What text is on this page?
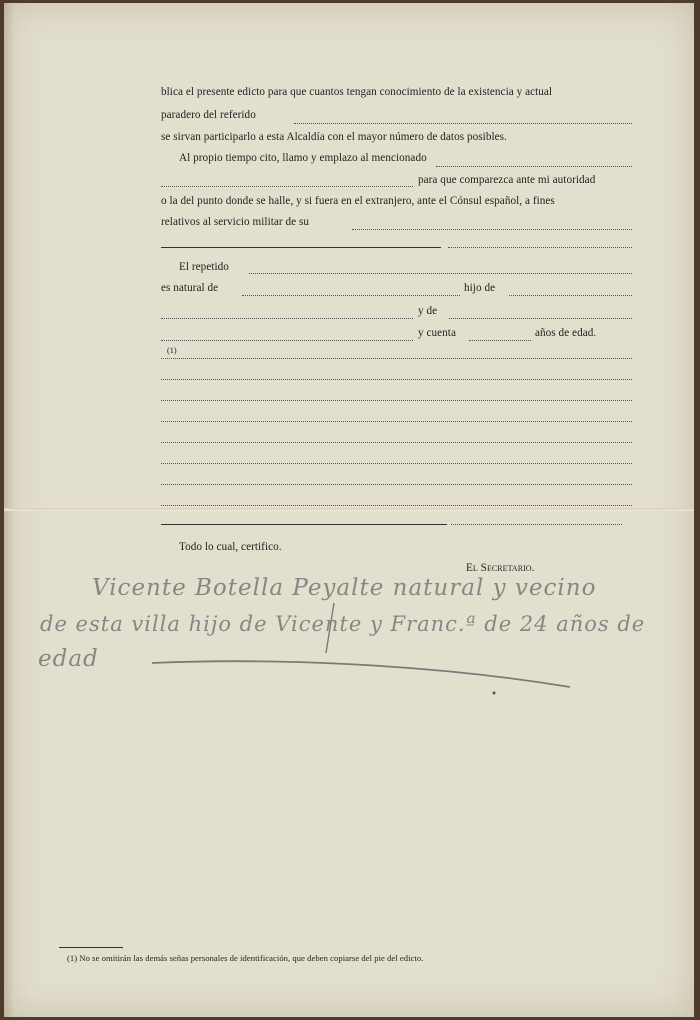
blica el presente edicto para que cuantos tengan conocimiento de la existencia y actual
paradero del referido
se sirvan participarlo a esta Alcaldía con el mayor número de datos posibles.
Al propio tiempo cito, llamo y emplazo al mencionado
para que comparezca ante mi autoridad
o la del punto donde se halle, y si fuera en el extranjero, ante el Cónsul español, a fines
relativos al servicio militar de su
El repetido
es natural de	hijo de
y de
y cuenta	años de edad.
(1)
Todo lo cual, certifico.
El Secretario.
Vicente Botella Peyalte natural y vecino
de esta villa hijo de Vicente y Franc.ª de 24 años de
edad
(1) No se omitirán las demás señas personales de identificación, que deben copiarse del pie del edicto.
